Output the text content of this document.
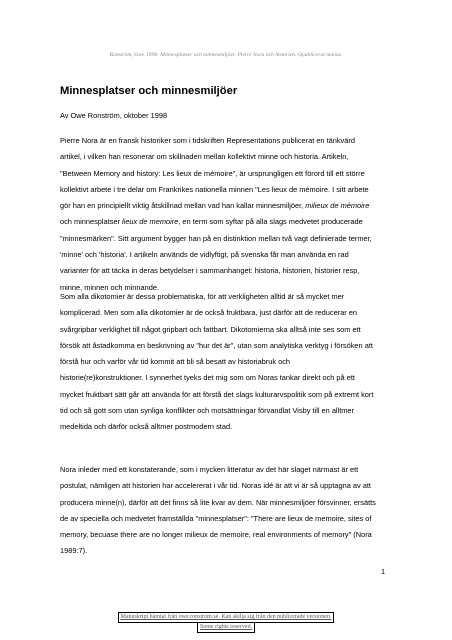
Ronström, Owe 1998: Minnesplatser och minnesmiljöer. Pierre Nora och historien. Opublicerat manus.
Minnesplatser och minnesmiljöer
Av Owe Ronström, oktober 1998
Pierre Nora är en fransk historiker som i tidskriften Representations publicerat en tänkvärd
artikel, i vilken han resonerar om skillnaden mellan kollektivt minne och historia. Artikeln,
"Between Memory and history: Les lieux de mémoire", är ursprungligen ett förord till ett större
kollektivt arbete i tre delar om Frankrikes nationella minnen "Les lieux de mémoire. I sitt arbete
gör han en principiellt viktig åtskillnad mellan vad han kallar minnesmiljöer, milieux de mémoire
och minnesplatser lieux de memoire, en term som syftar på alla slags medvetet producerade
"minnesmärken". Sitt argument bygger han på en distinktion mellan två vagt definierade termer,
'minne' och 'historia'. I artikeln används de vidlyftigt, på svenska får man använda en rad
varianter för att täcka in deras betydelser i sammanhanget: historia, historien, historier resp,
minne, minnen och minnande.
Som alla dikotomier är dessa problematiska, för att verkligheten alltid är så mycket mer
komplicerad. Men som alla dikotomier är de också fruktbara, just därför att de reducerar en
svårgripbar verklighet till något gripbart och fattbart. Dikotomierna ska alltså inte ses som ett
försök att åstadkomma en beskrivning av "hur det är", utan som analytiska verktyg i försöken att
förstå hur och varför vår tid kommit att bli så besatt av historiabruk och
historie(re)konstruktioner. I synnerhet tyeks det mig som om Noras tankar direkt och på ett
mycket fruktbart sätt går att använda för att förstå det slags kulturarvspolitik som på extremt kort
tid och så gott som utan synliga konflikter och motsättningar förvandlat Visby till en alltmer
medeltida och därför också alltmer postmodern stad.
Nora inleder med ett konstaterande, som i mycken litteratur av det här slaget närmast är ett
postulat, nämligen att historien har accelererat i vår tid. Noras idé är att vi är så upptagna av att
producera minne(n), därför att det finns så lite kvar av dem. När minnesmiljöer försvinner, ersätts
de av speciella och medvetet framställda "minnesplatser": "There are lieux de memoire, sites of
memory, becuase there are no longer milieux de memoire, real environments of memory" (Nora
1989:7).
1
Manuskript hämtat från owe.ronstrom.se. Kan skilja sig från den publicerade versionen.
Some rights reserved.
